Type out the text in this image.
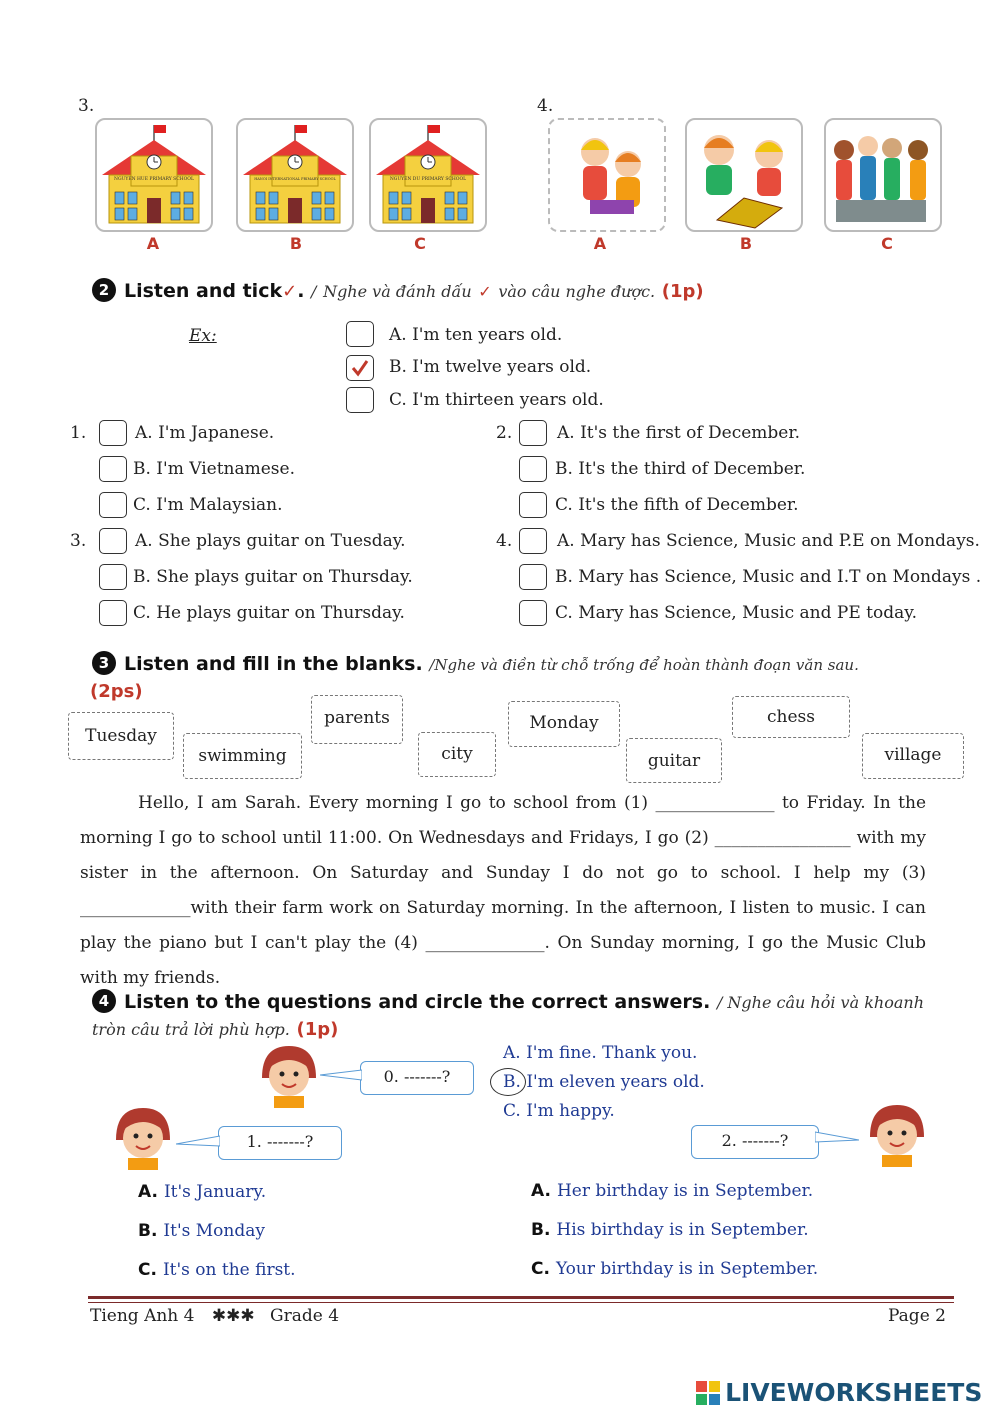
3.	4.
NGUYEN HUE PRIMARY SCHOOL	HANOI INTERNATIONAL PRIMARY SCHOOL	NGUYEN DU PRIMARY SCHOOL
A	B	C	A	B	C
2 Listen and tick✓. / Nghe và đánh dấu ✓ vào câu nghe được. (1p)
Ex:	A. I'm ten years old.
B. I'm twelve years old.
C. I'm thirteen years old.
1.	A. I'm Japanese.
B. I'm Vietnamese.
C. I'm Malaysian.
2.	A. It's the first of December.
B. It's the third of December.
C. It's the fifth of December.
3.	A. She plays guitar on Tuesday.
B. She plays guitar on Thursday.
C. He plays guitar on Thursday.
4.	A. Mary has Science, Music and P.E on Mondays.
B. Mary has Science, Music and I.T on Mondays .
C. Mary has Science, Music and PE today.
3 Listen and fill in the blanks. /Nghe và điền từ chỗ trống để hoàn thành đoạn văn sau.
(2ps)
Tuesday
swimming
parents
city
Monday
guitar
chess
village
Hello, I am Sarah. Every morning I go to school from (1) ______________ to Friday. In the morning I go to school until 11:00. On Wednesdays and Fridays, I go (2) ________________ with my sister in the afternoon. On Saturday and Sunday I do not go to school. I help my (3) _____________with their farm work on Saturday morning. In the afternoon, I listen to music. I can play the piano but I can't play the (4) ______________. On Sunday morning, I go the Music Club with my friends.
4 Listen to the questions and circle the correct answers. / Nghe câu hỏi và khoanh tròn câu trả lời phù hợp. (1p)
0. -------?
A. I'm fine. Thank you.
B. I'm eleven years old.
C. I'm happy.
1. -------?	2. -------?
A. It's January.
B. It's Monday
C. It's on the first.
A. Her birthday is in September.
B. His birthday is in September.
C. Your birthday is in September.
Tieng Anh 4 ✱✱✱ Grade 4	Page 2
LIVEWORKSHEETS
